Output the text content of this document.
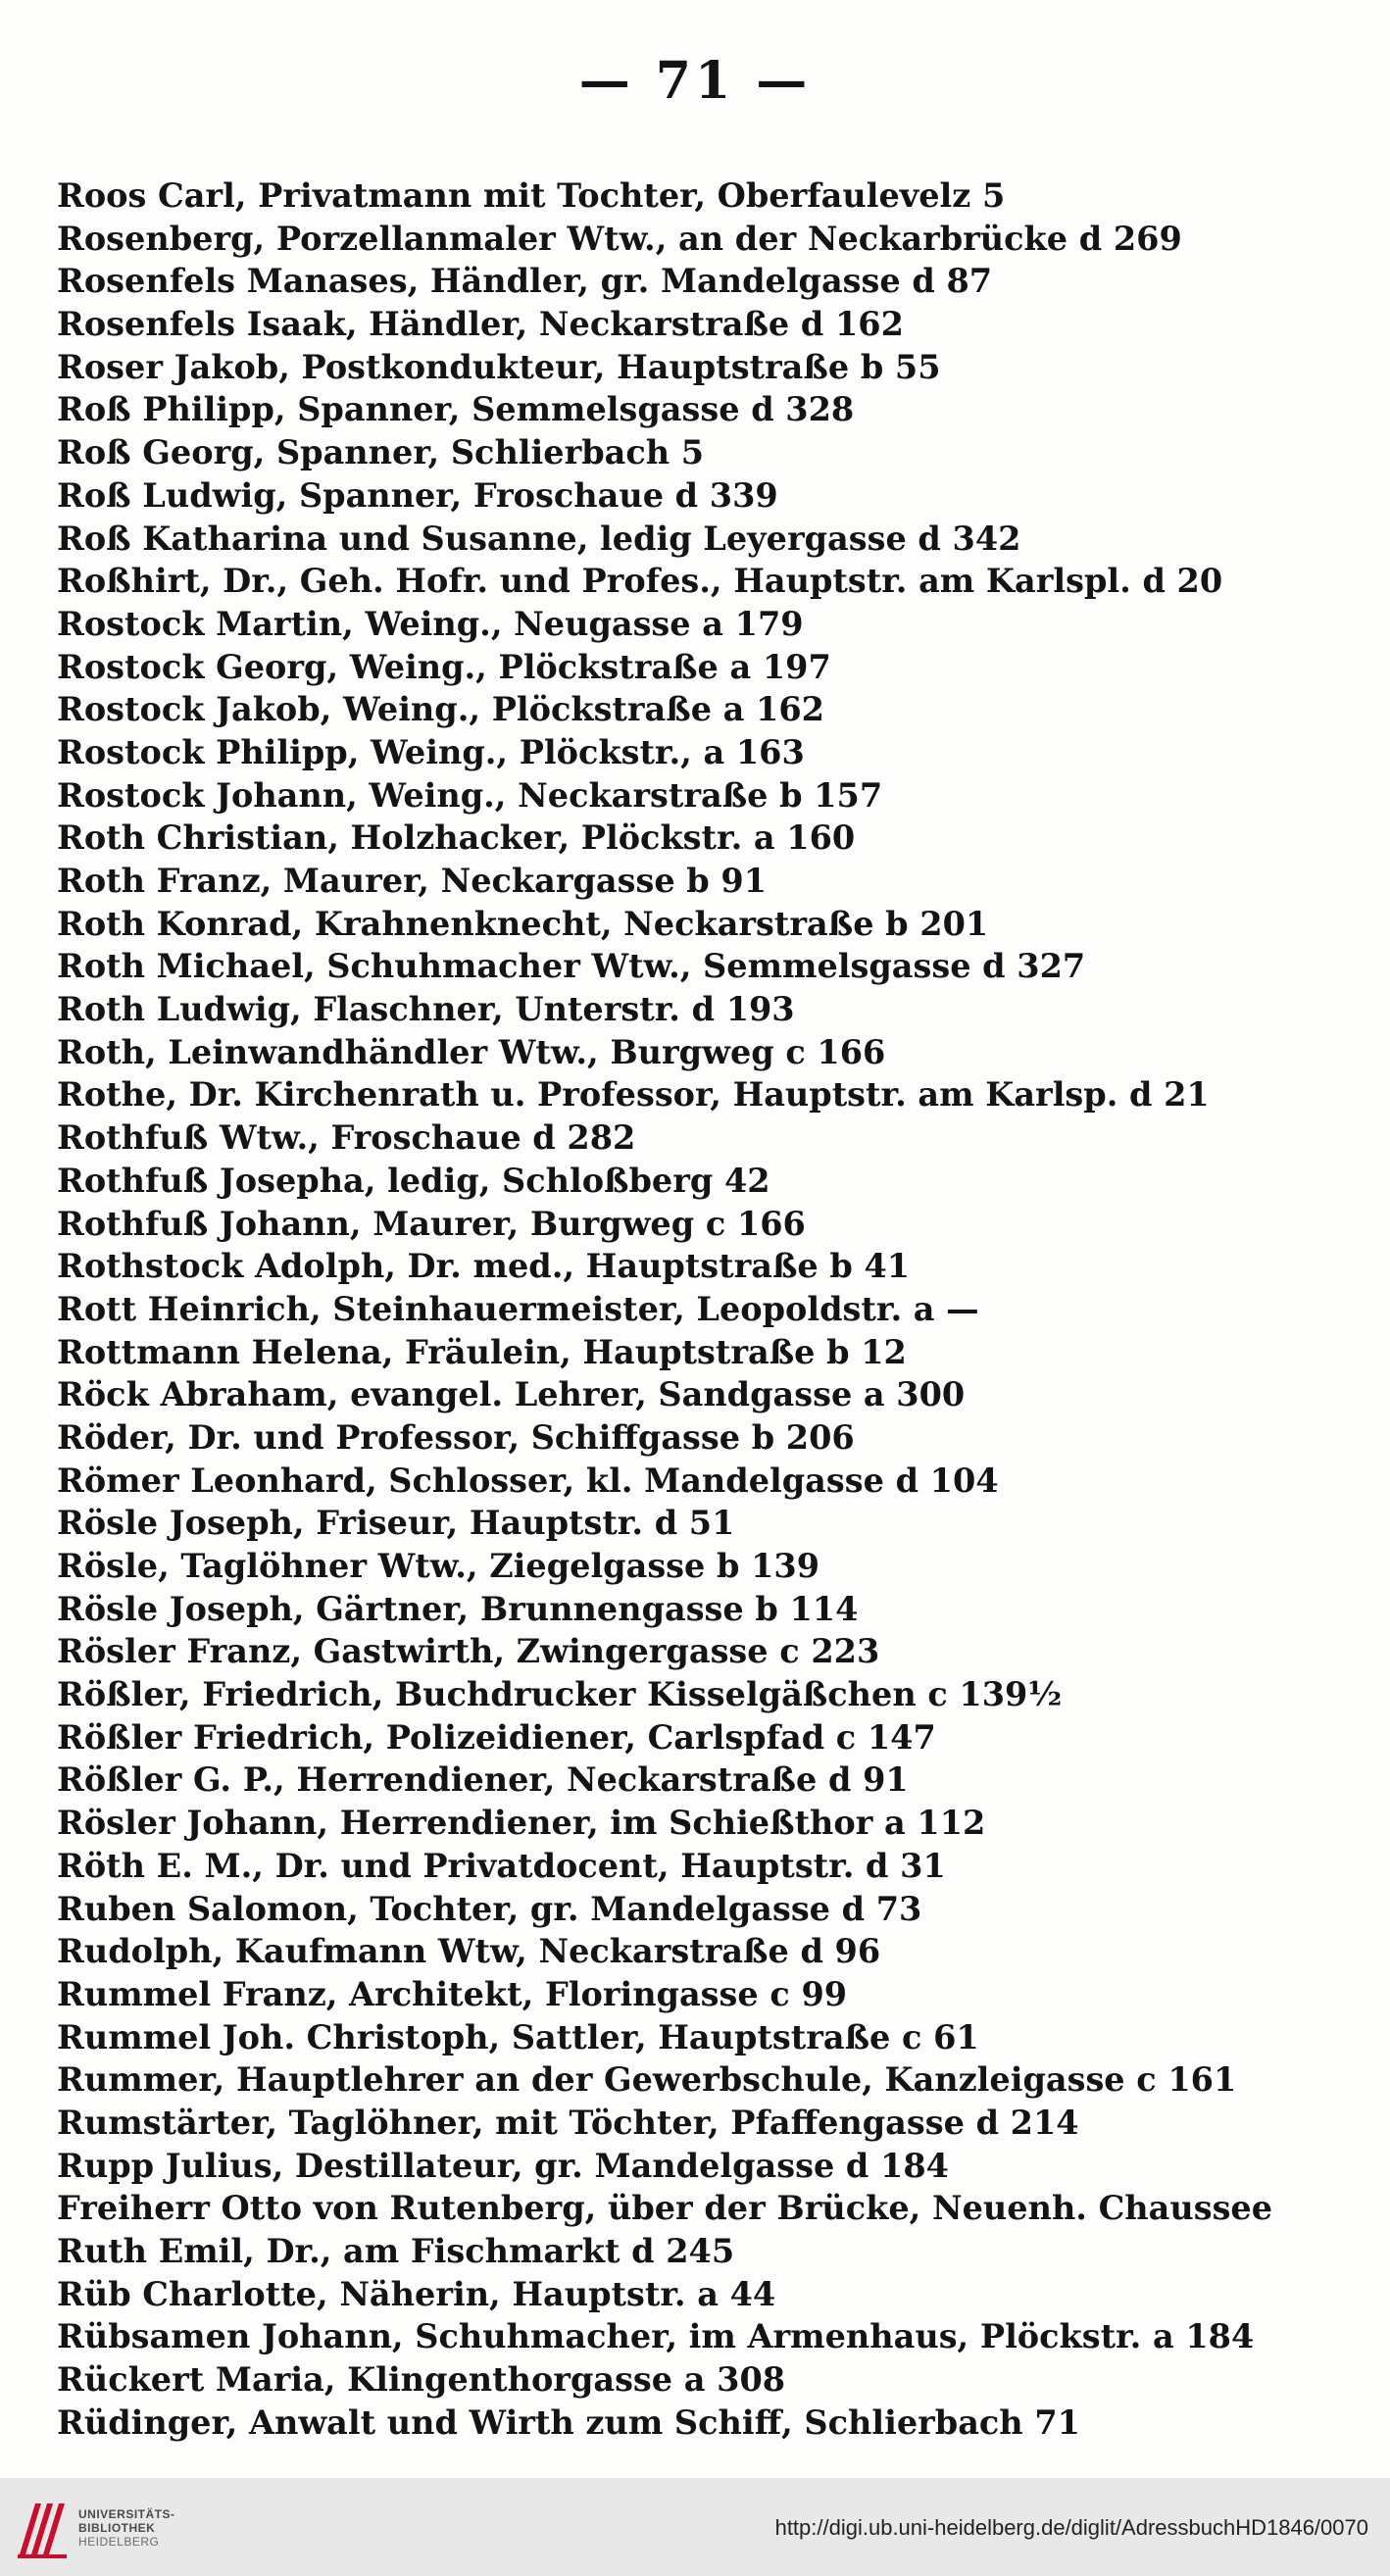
— 71 —
Roos Carl, Privatmann mit Tochter, Oberfaulevelz 5
Rosenberg, Porzellanmaler Wtw., an der Neckarbrücke d 269
Rosenfels Manases, Händler, gr. Mandelgasse d 87
Rosenfels Isaak, Händler, Neckarstraße d 162
Roser Jakob, Postkondukteur, Hauptstraße b 55
Roß Philipp, Spanner, Semmelsgasse d 328
Roß Georg, Spanner, Schlierbach 5
Roß Ludwig, Spanner, Froschaue d 339
Roß Katharina und Susanne, ledig Leyergasse d 342
Roßhirt, Dr., Geh. Hofr. und Profes., Hauptstr. am Karlspl. d 20
Rostock Martin, Weing., Neugasse a 179
Rostock Georg, Weing., Plöckstraße a 197
Rostock Jakob, Weing., Plöckstraße a 162
Rostock Philipp, Weing., Plöckstr., a 163
Rostock Johann, Weing., Neckarstraße b 157
Roth Christian, Holzhacker, Plöckstr. a 160
Roth Franz, Maurer, Neckargasse b 91
Roth Konrad, Krahnenknecht, Neckarstraße b 201
Roth Michael, Schuhmacher Wtw., Semmelsgasse d 327
Roth Ludwig, Flaschner, Unterstr. d 193
Roth, Leinwandhändler Wtw., Burgweg c 166
Rothe, Dr. Kirchenrath u. Professor, Hauptstr. am Karlsp. d 21
Rothfuß Wtw., Froschaue d 282
Rothfuß Josepha, ledig, Schloßberg 42
Rothfuß Johann, Maurer, Burgweg c 166
Rothstock Adolph, Dr. med., Hauptstraße b 41
Rott Heinrich, Steinhauermeister, Leopoldstr. a —
Rottmann Helena, Fräulein, Hauptstraße b 12
Röck Abraham, evangel. Lehrer, Sandgasse a 300
Röder, Dr. und Professor, Schiffgasse b 206
Römer Leonhard, Schlosser, kl. Mandelgasse d 104
Rösle Joseph, Friseur, Hauptstr. d 51
Rösle, Taglöhner Wtw., Ziegelgasse b 139
Rösle Joseph, Gärtner, Brunnengasse b 114
Rösler Franz, Gastwirth, Zwingergasse c 223
Rößler, Friedrich, Buchdrucker Kisselgäßchen c 139½
Rößler Friedrich, Polizeidiener, Carlspfad c 147
Rößler G. P., Herrendiener, Neckarstraße d 91
Rösler Johann, Herrendiener, im Schießthor a 112
Röth E. M., Dr. und Privatdocent, Hauptstr. d 31
Ruben Salomon, Tochter, gr. Mandelgasse d 73
Rudolph, Kaufmann Wtw, Neckarstraße d 96
Rummel Franz, Architekt, Floringasse c 99
Rummel Joh. Christoph, Sattler, Hauptstraße c 61
Rummer, Hauptlehrer an der Gewerbschule, Kanzleigasse c 161
Rumstärter, Taglöhner, mit Töchter, Pfaffengasse d 214
Rupp Julius, Destillateur, gr. Mandelgasse d 184
Freiherr Otto von Rutenberg, über der Brücke, Neuenh. Chaussee
Ruth Emil, Dr., am Fischmarkt d 245
Rüb Charlotte, Näherin, Hauptstr. a 44
Rübsamen Johann, Schuhmacher, im Armenhaus, Plöckstr. a 184
Rückert Maria, Klingenthorgasse a 308
Rüdinger, Anwalt und Wirth zum Schiff, Schlierbach 71
UNIVERSITÄTS-
BIBLIOTHEK
HEIDELBERG
http://digi.ub.uni-heidelberg.de/diglit/AdressbuchHD1846/0070
